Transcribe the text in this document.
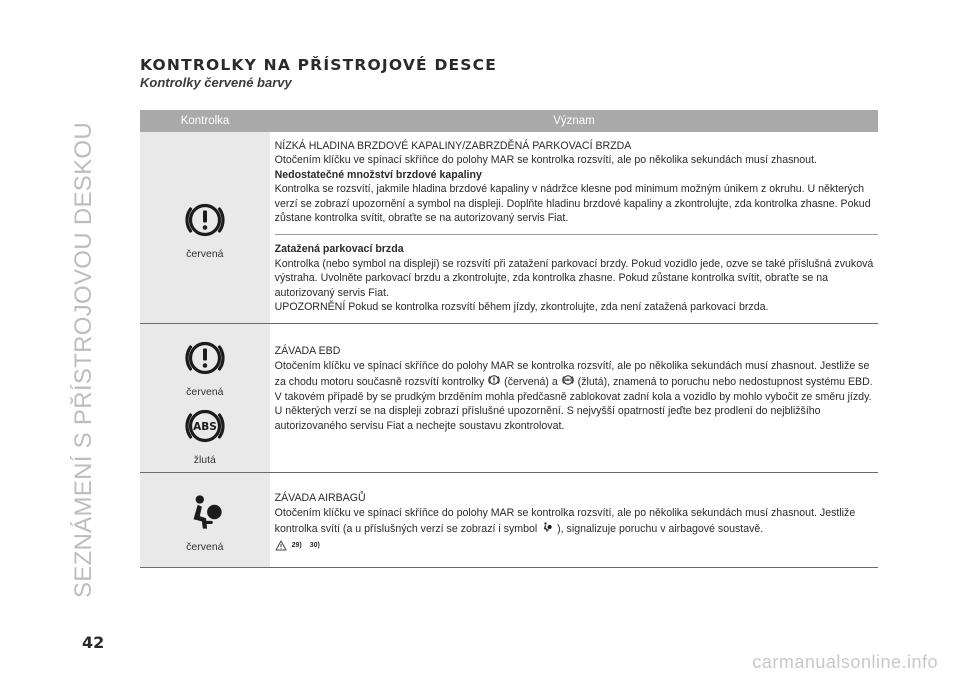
SEZNÁMENÍ S PŘÍSTROJOVOU DESKOU
KONTROLKY NA PŘÍSTROJOVÉ DESCE
Kontrolky červené barvy
Kontrolka	Význam
červená

NÍZKÁ HLADINA BRZDOVÉ KAPALINY/ZABRZDĚNÁ PARKOVACÍ BRZDA

Otočením klíčku ve spínací skříňce do polohy MAR se kontrolka rozsvítí, ale po několika sekundách musí zhasnout.

Nedostatečné množství brzdové kapaliny

Kontrolka se rozsvítí, jakmile hladina brzdové kapaliny v nádržce klesne pod minimum možným únikem z okruhu. U některých verzí se zobrazí upozornění a symbol na displeji. Doplňte hladinu brzdové kapaliny a zkontrolujte, zda kontrolka zhasne. Pokud zůstane kontrolka svítit, obraťte se na autorizovaný servis Fiat.

Zatažená parkovací brzda

Kontrolka (nebo symbol na displeji) se rozsvítí při zatažení parkovací brzdy. Pokud vozidlo jede, ozve se také příslušná zvuková výstraha. Uvolněte parkovací brzdu a zkontrolujte, zda kontrolka zhasne. Pokud zůstane kontrolka svítit, obraťte se na autorizovaný servis Fiat.

UPOZORNĚNÍ Pokud se kontrolka rozsvítí během jízdy, zkontrolujte, zda není zatažená parkovací brzda.

červená
žlutá

ZÁVADA EBD

Otočením klíčku ve spínací skříňce do polohy MAR se kontrolka rozsvítí, ale po několika sekundách musí zhasnout. Jestliže se za chodu motoru současně rozsvítí kontrolky (červená) a (žlutá), znamená to poruchu nebo nedostupnost systému EBD. V takovém případě by se prudkým brzděním mohla předčasně zablokovat zadní kola a vozidlo by mohlo vybočit ze směru jízdy. U některých verzí se na displeji zobrazí příslušné upozornění. S nejvyšší opatrností jeďte bez prodlení do nejbližšího autorizovaného servisu Fiat a nechejte soustavu zkontrolovat.

červená

ZÁVADA AIRBAGŮ

Otočením klíčku ve spínací skříňce do polohy MAR se kontrolka rozsvítí, ale po několika sekundách musí zhasnout. Jestliže kontrolka svítí (a u příslušných verzí se zobrazí i symbol ), signalizuje poruchu v airbagové soustavě.

29) 30)
42
carmanualsonline.info
